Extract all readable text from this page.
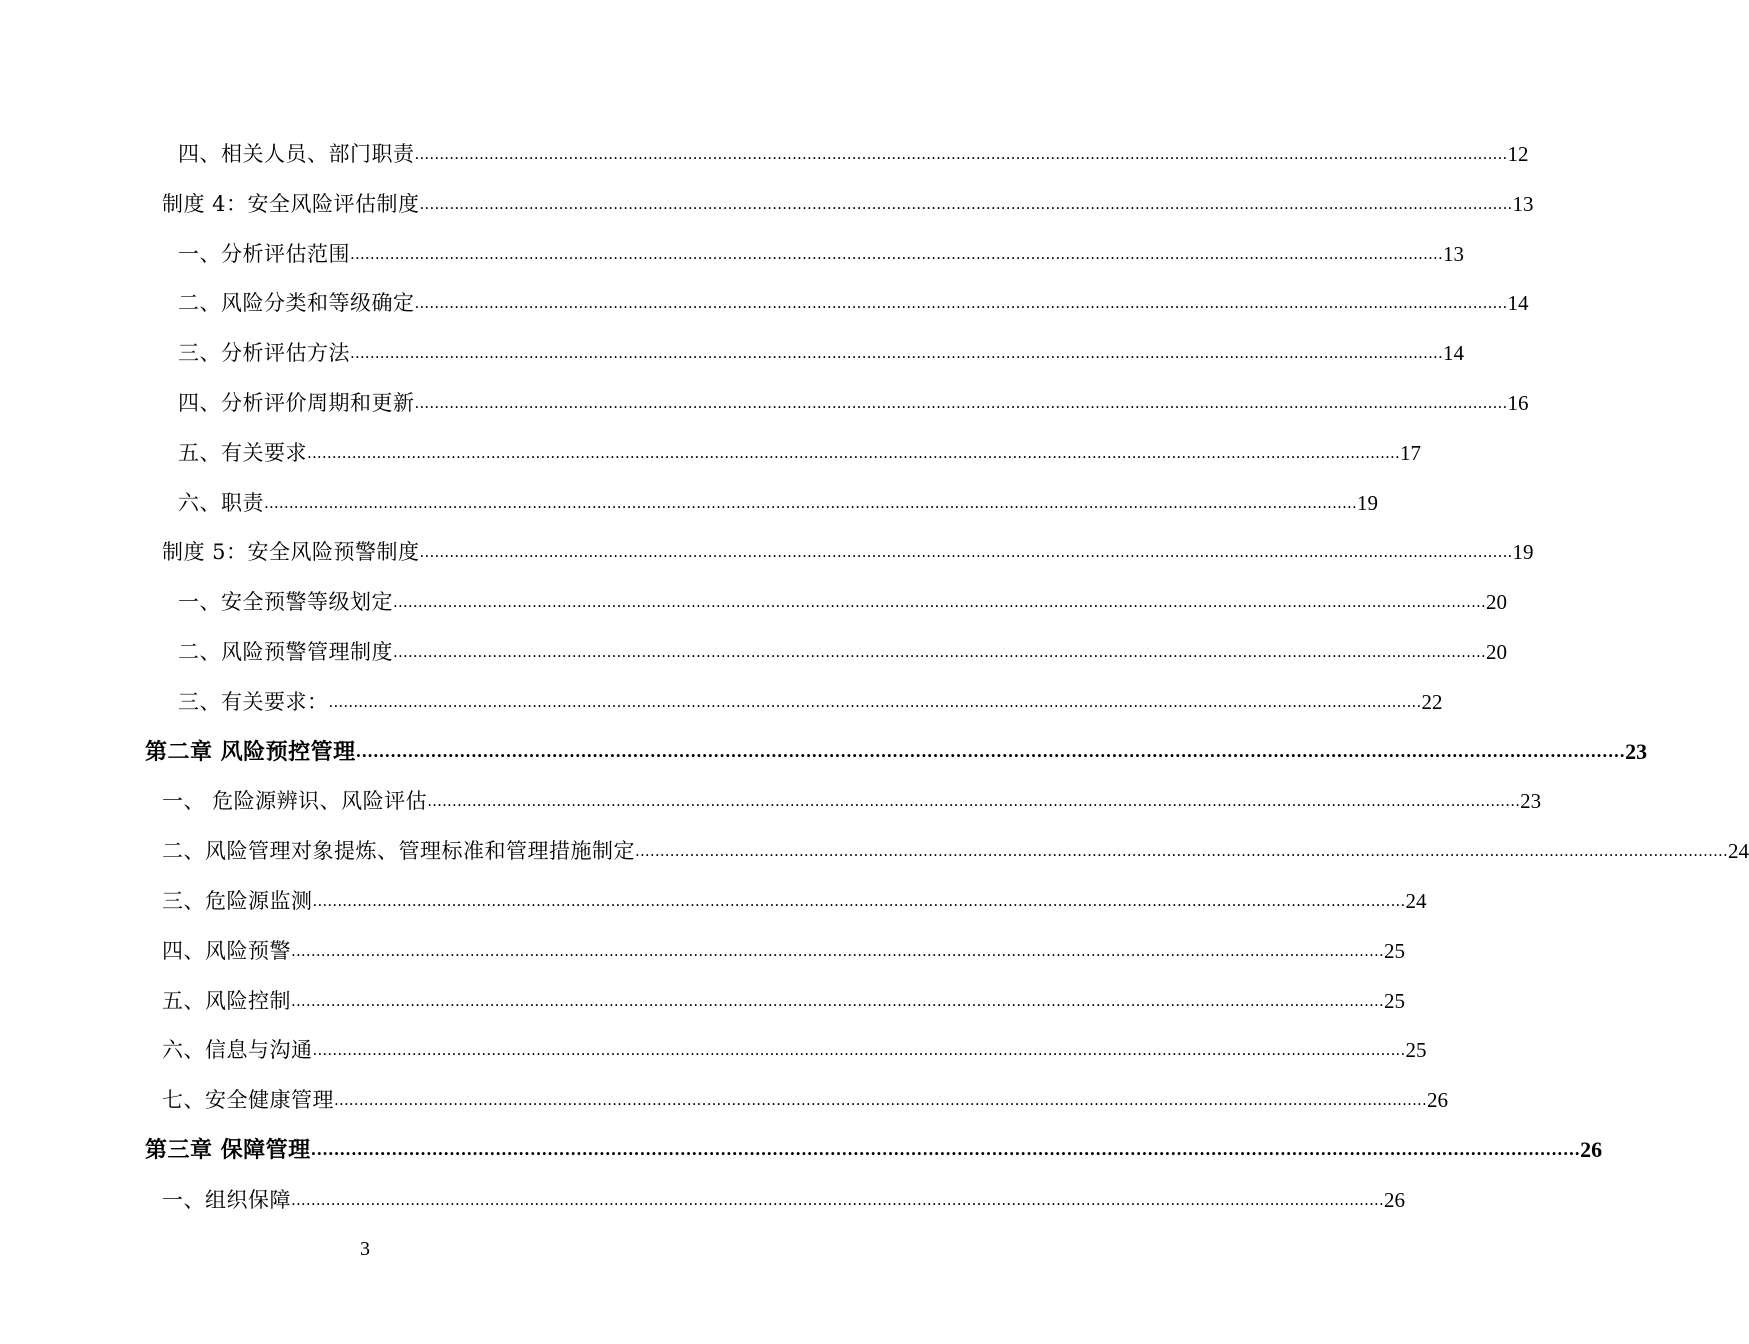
四、相关人员、部门职责 ............................................................................................................................................................................................................................ 12
制度 4：安全风险评估制度 ............................................................................................................................................................................................................................ 13
一、分析评估范围 ............................................................................................................................................................................................................................ 13
二、风险分类和等级确定 ............................................................................................................................................................................................................................ 14
三、分析评估方法 ............................................................................................................................................................................................................................ 14
四、分析评价周期和更新 ............................................................................................................................................................................................................................ 16
五、有关要求 ............................................................................................................................................................................................................................ 17
六、职责 ............................................................................................................................................................................................................................ 19
制度 5：安全风险预警制度 ............................................................................................................................................................................................................................ 19
一、安全预警等级划定 ............................................................................................................................................................................................................................ 20
二、风险预警管理制度 ............................................................................................................................................................................................................................ 20
三、有关要求： ............................................................................................................................................................................................................................ 22
第二章 风险预控管理 ............................................................................................................................................................................................................................ 23
一、 危险源辨识、风险评估 ............................................................................................................................................................................................................................ 23
二、风险管理对象提炼、管理标准和管理措施制定 ............................................................................................................................................................................................................................ 24
三、危险源监测 ............................................................................................................................................................................................................................ 24
四、风险预警 ............................................................................................................................................................................................................................ 25
五、风险控制 ............................................................................................................................................................................................................................ 25
六、信息与沟通 ............................................................................................................................................................................................................................ 25
七、安全健康管理 ............................................................................................................................................................................................................................ 26
第三章 保障管理 ............................................................................................................................................................................................................................ 26
一、组织保障 ............................................................................................................................................................................................................................ 26
3
